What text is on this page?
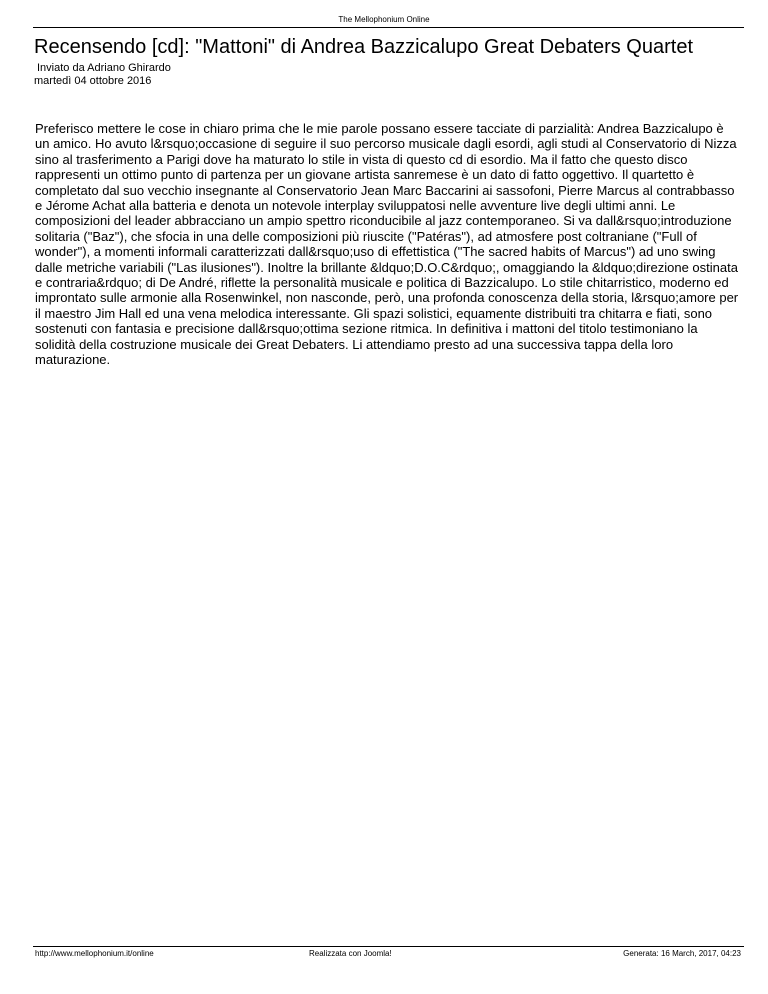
The Mellophonium Online
Recensendo [cd]: "Mattoni" di Andrea Bazzicalupo Great Debaters Quartet
Inviato da Adriano Ghirardo
martedì 04 ottobre 2016

Preferisco mettere le cose in chiaro prima che le mie parole possano essere tacciate di parzialità: Andrea Bazzicalupo è un amico. Ho avuto l&rsquo;occasione di seguire il suo percorso musicale dagli esordi, agli studi al Conservatorio di Nizza sino al trasferimento a Parigi dove ha maturato lo stile in vista di questo cd di esordio. Ma il fatto che questo disco rappresenti un ottimo punto di partenza per un giovane artista sanremese è un dato di fatto oggettivo. Il quartetto è completato dal suo vecchio insegnante al Conservatorio Jean Marc Baccarini ai sassofoni, Pierre Marcus al contrabbasso e Jérome Achat alla batteria e denota un notevole interplay sviluppatosi nelle avventure live degli ultimi anni. Le composizioni del leader abbracciano un ampio spettro riconducibile al jazz contemporaneo. Si va dall&rsquo;introduzione solitaria ("Baz"), che sfocia in una delle composizioni più riuscite ("Patéras"), ad atmosfere post coltraniane ("Full of wonder"), a momenti informali caratterizzati dall&rsquo;uso di effettistica ("The sacred habits of Marcus") ad uno swing dalle metriche variabili ("Las ilusiones"). Inoltre la brillante &ldquo;D.O.C&rdquo;, omaggiando la &ldquo;direzione ostinata e contraria&rdquo; di De André, riflette la personalità musicale e politica di Bazzicalupo. Lo stile chitarristico, moderno ed improntato sulle armonie alla Rosenwinkel, non nasconde, però, una profonda conoscenza della storia, l&rsquo;amore per il maestro Jim Hall ed una vena melodica interessante. Gli spazi solistici, equamente distribuiti tra chitarra e fiati, sono sostenuti con fantasia e precisione dall&rsquo;ottima sezione ritmica. In definitiva i mattoni del titolo testimoniano la solidità della costruzione musicale dei Great Debaters. Li attendiamo presto ad una successiva tappa della loro maturazione.

http://www.mellophonium.it/online	Realizzata con Joomla!	Generata: 16 March, 2017, 04:23
